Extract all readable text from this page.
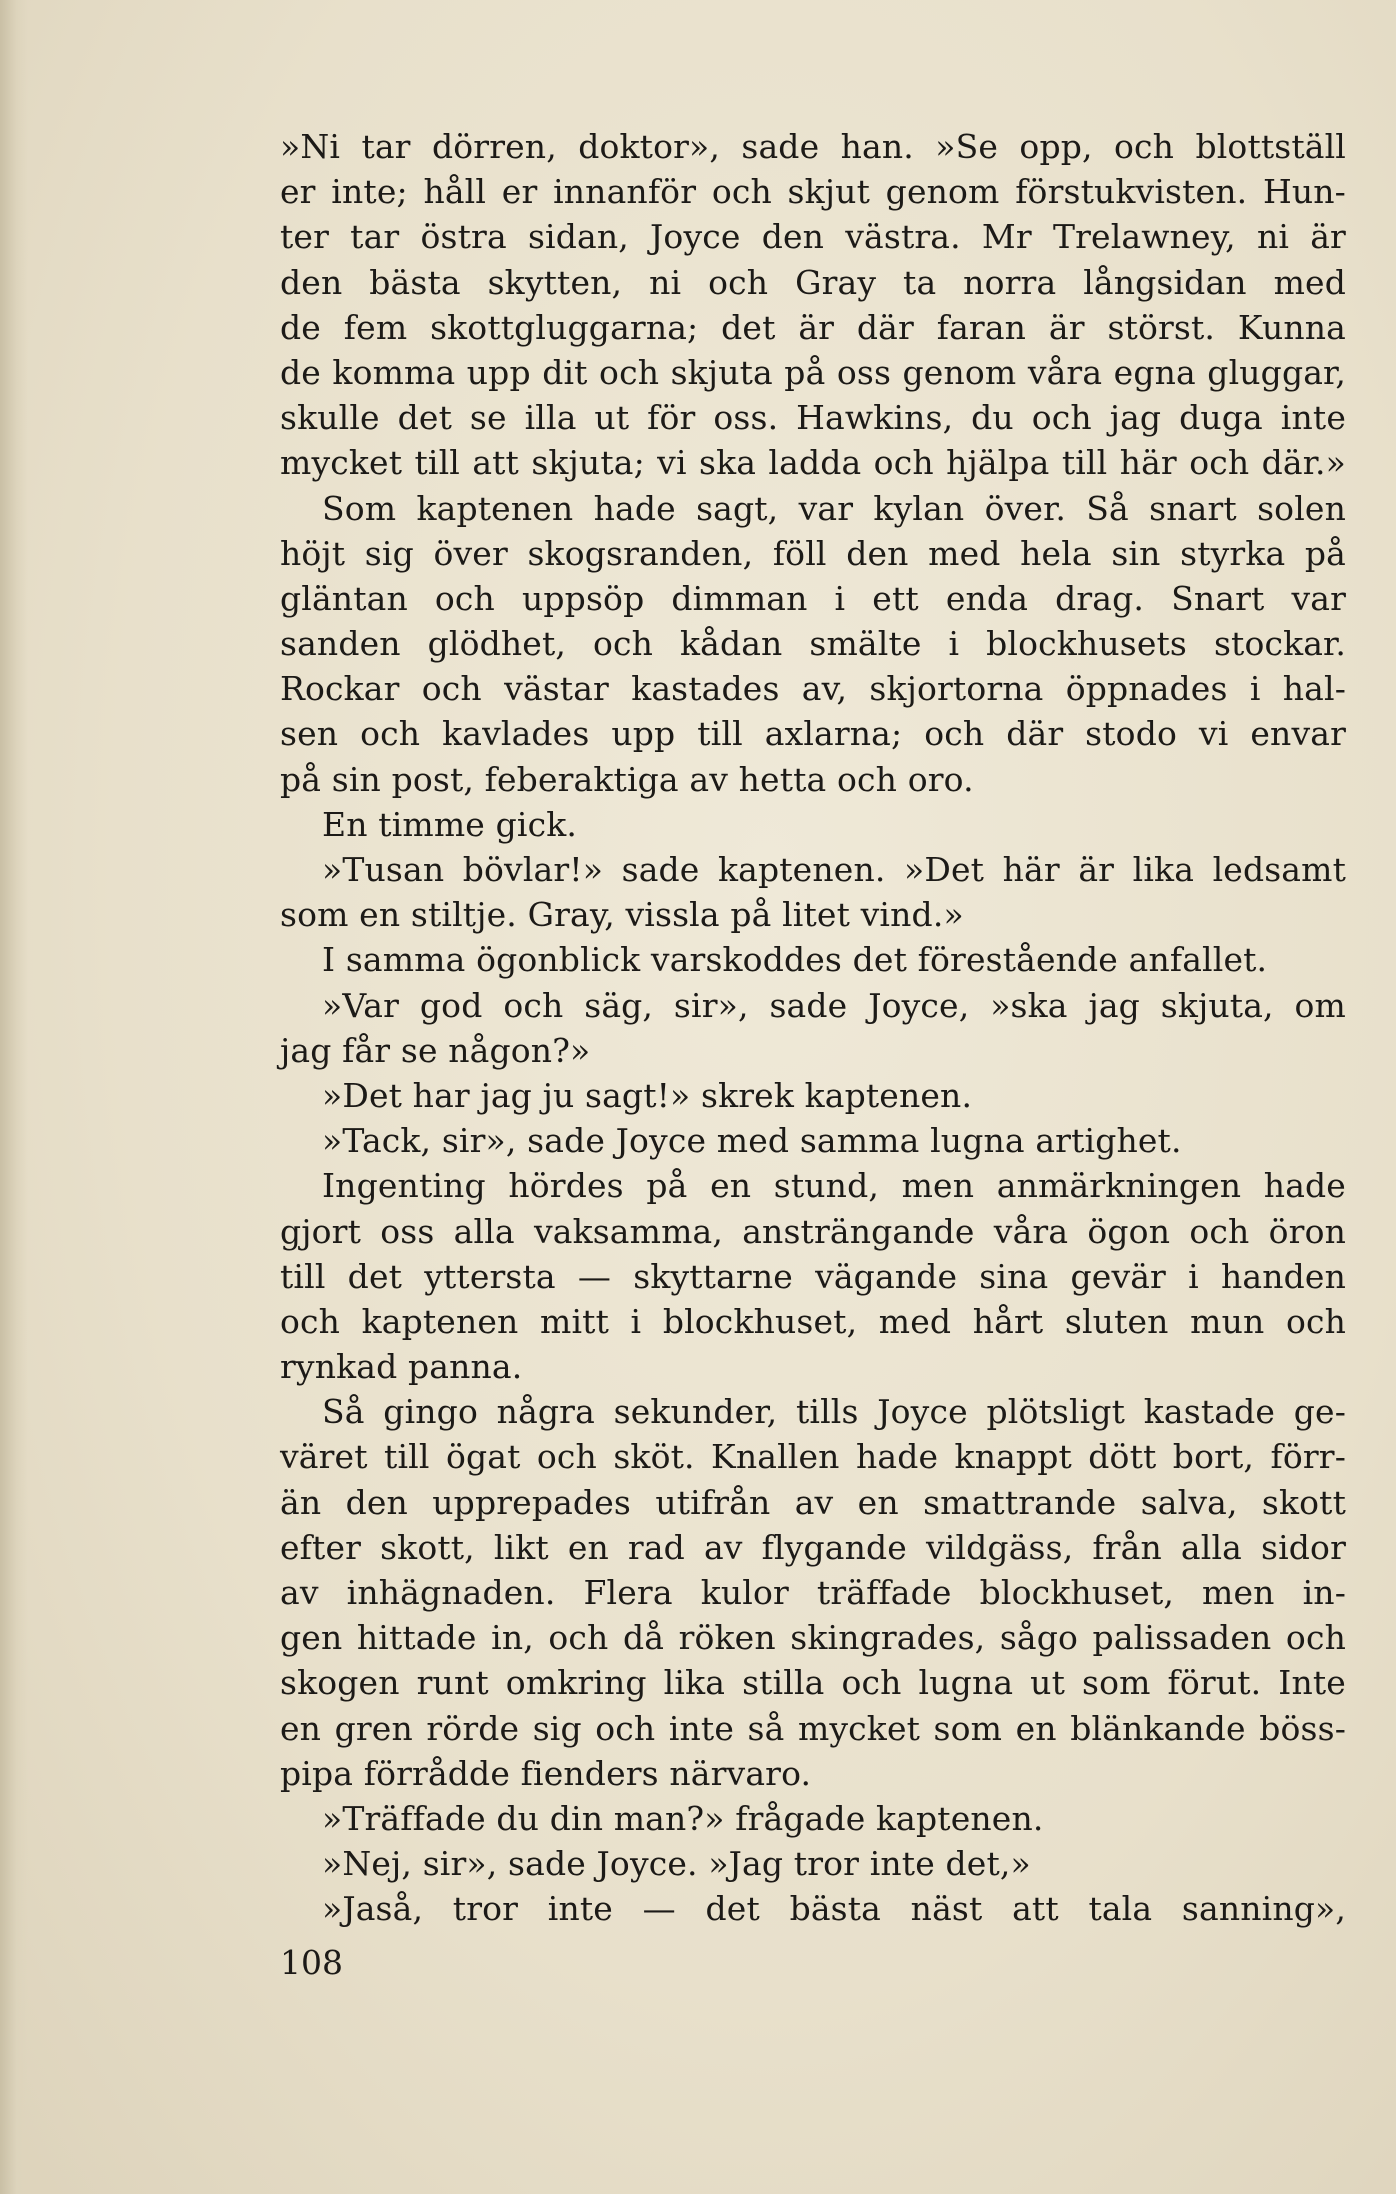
»Ni tar dörren, doktor», sade han. »Se opp, och blottställ
er inte; håll er innanför och skjut genom förstukvisten. Hun-
ter tar östra sidan, Joyce den västra. Mr Trelawney, ni är
den bästa skytten, ni och Gray ta norra långsidan med
de fem skottgluggarna; det är där faran är störst. Kunna
de komma upp dit och skjuta på oss genom våra egna gluggar,
skulle det se illa ut för oss. Hawkins, du och jag duga inte
mycket till att skjuta; vi ska ladda och hjälpa till här och där.»
Som kaptenen hade sagt, var kylan över. Så snart solen
höjt sig över skogsranden, föll den med hela sin styrka på
gläntan och uppsöp dimman i ett enda drag. Snart var
sanden glödhet, och kådan smälte i blockhusets stockar.
Rockar och västar kastades av, skjortorna öppnades i hal-
sen och kavlades upp till axlarna; och där stodo vi envar
på sin post, feberaktiga av hetta och oro.
En timme gick.
»Tusan bövlar!» sade kaptenen. »Det här är lika ledsamt
som en stiltje. Gray, vissla på litet vind.»
I samma ögonblick varskoddes det förestående anfallet.
»Var god och säg, sir», sade Joyce, »ska jag skjuta, om
jag får se någon?»
»Det har jag ju sagt!» skrek kaptenen.
»Tack, sir», sade Joyce med samma lugna artighet.
Ingenting hördes på en stund, men anmärkningen hade
gjort oss alla vaksamma, ansträngande våra ögon och öron
till det yttersta — skyttarne vägande sina gevär i handen
och kaptenen mitt i blockhuset, med hårt sluten mun och
rynkad panna.
Så gingo några sekunder, tills Joyce plötsligt kastade ge-
väret till ögat och sköt. Knallen hade knappt dött bort, förr-
än den upprepades utifrån av en smattrande salva, skott
efter skott, likt en rad av flygande vildgäss, från alla sidor
av inhägnaden. Flera kulor träffade blockhuset, men in-
gen hittade in, och då röken skingrades, sågo palissaden och
skogen runt omkring lika stilla och lugna ut som förut. Inte
en gren rörde sig och inte så mycket som en blänkande böss-
pipa förrådde fienders närvaro.
»Träffade du din man?» frågade kaptenen.
»Nej, sir», sade Joyce. »Jag tror inte det,»
»Jaså, tror inte — det bästa näst att tala sanning»,
108
